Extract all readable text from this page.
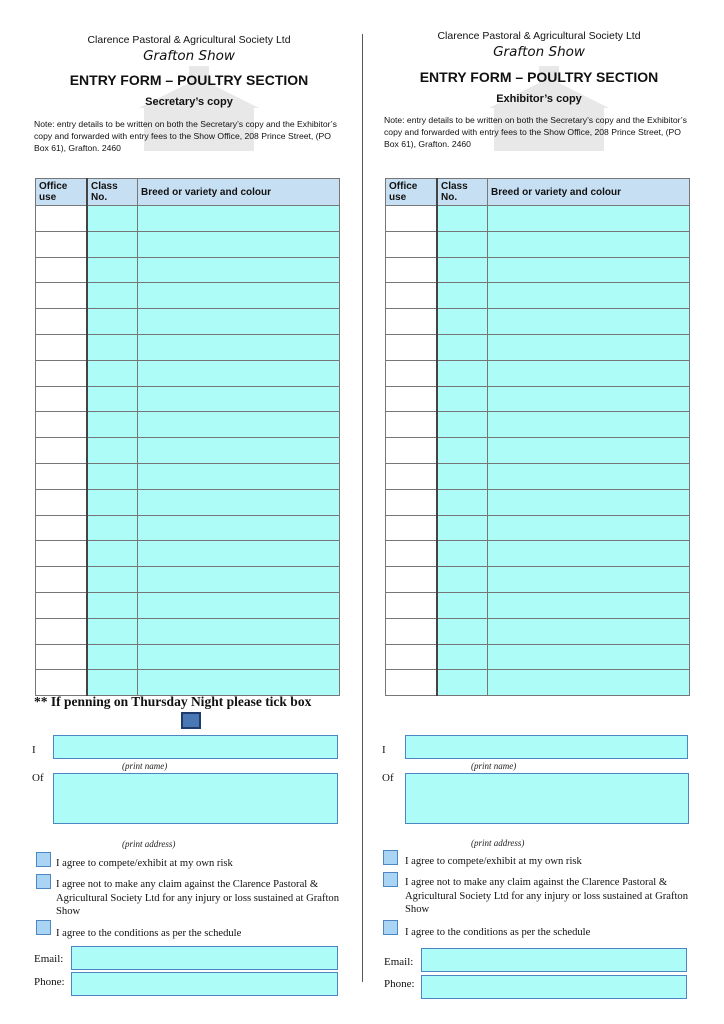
Clarence Pastoral & Agricultural Society Ltd
Grafton Show
ENTRY FORM – POULTRY SECTION
Secretary’s copy
Note: entry details to be written on both the Secretary’s copy and the Exhibitor’s copy and forwarded with entry fees to the Show Office, 208 Prince Street, (PO Box 61), Grafton. 2460
Office use	Class No.	Breed or variety and colour

** If penning on Thursday Night please tick box
I
(print name)
Of
(print address)
I agree to compete/exhibit at my own risk
I agree not to make any claim against the Clarence Pastoral & Agricultural Society Ltd for any injury or loss sustained at Grafton Show
I agree to the conditions as per the schedule
Email:
Phone:
Clarence Pastoral & Agricultural Society Ltd
Grafton Show
ENTRY FORM – POULTRY SECTION
Exhibitor’s copy
Note: entry details to be written on both the Secretary’s copy and the Exhibitor’s copy and forwarded with entry fees to the Show Office, 208 Prince Street, (PO Box 61), Grafton. 2460
Office use	Class No.	Breed or variety and colour

I
(print name)
Of
(print address)
I agree to compete/exhibit at my own risk
I agree not to make any claim against the Clarence Pastoral & Agricultural Society Ltd for any injury or loss sustained at Grafton Show
I agree to the conditions as per the schedule
Email:
Phone:
